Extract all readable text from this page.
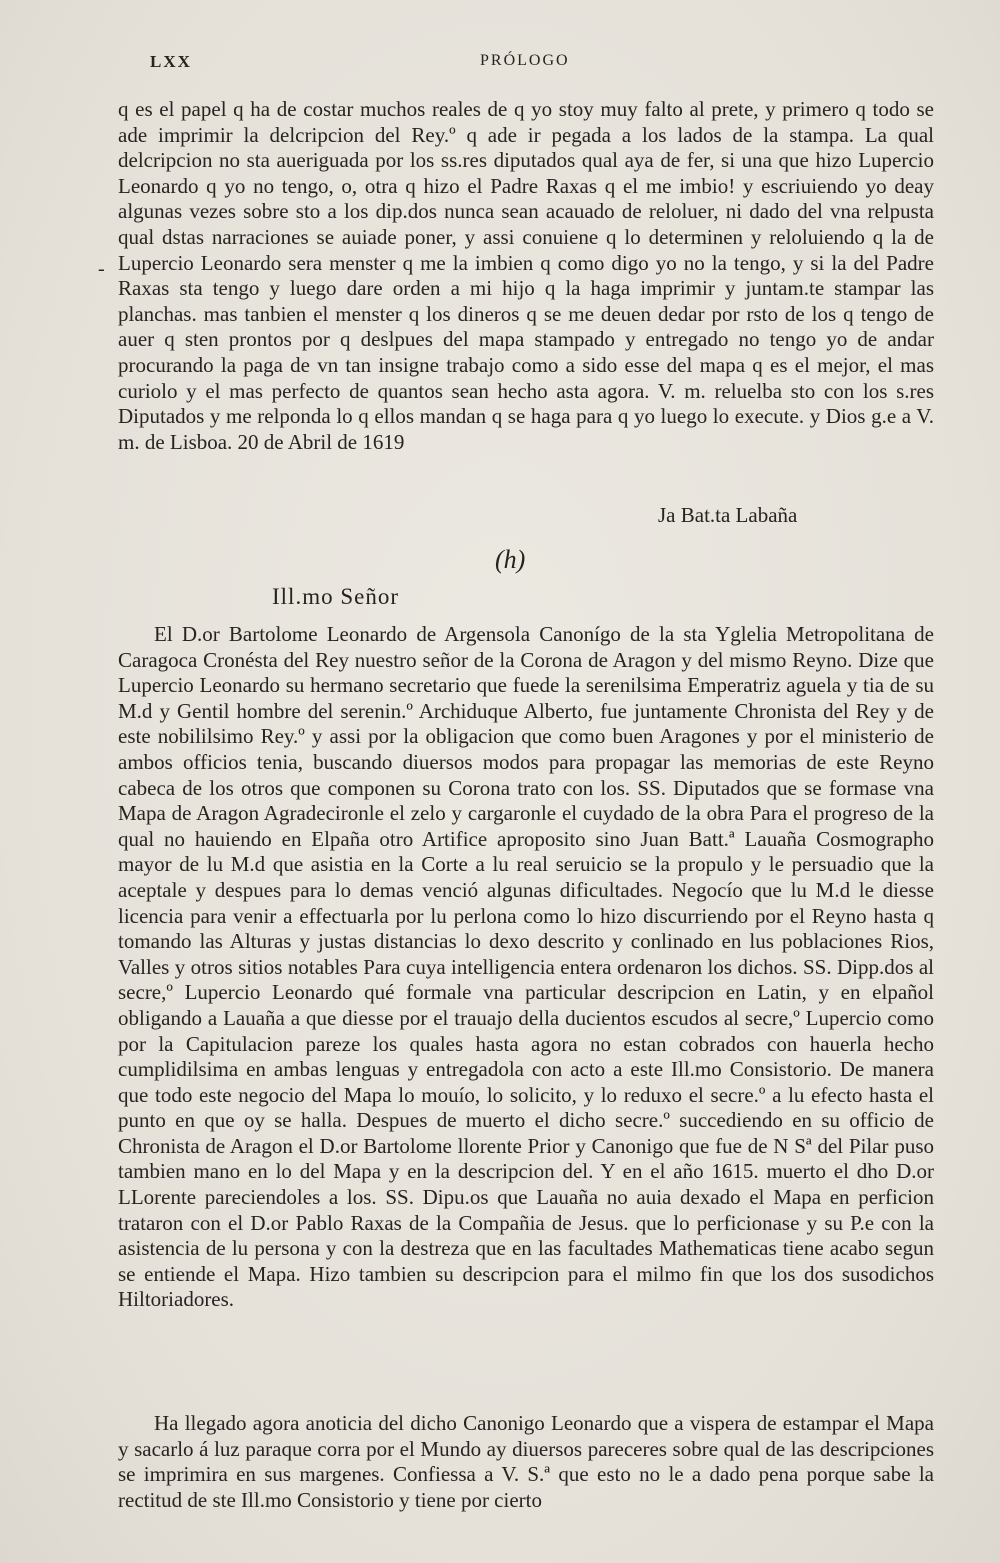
LXX	PRÓLOGO
-

q es el papel q ha de costar muchos reales de q yo stoy muy falto al prete, y primero q todo se ade imprimir la delcripcion del Rey.º q ade ir pegada a los lados de la stampa. La qual delcripcion no sta aueriguada por los ss.res diputados qual aya de fer, si una que hizo Lupercio Leonardo q yo no tengo, o, otra q hizo el Padre Raxas q el me imbio! y escriuiendo yo deay algunas vezes sobre sto a los dip.dos nunca sean acauado de reloluer, ni dado del vna relpusta qual dstas narraciones se auiade poner, y assi conuiene q lo determinen y reloluiendo q la de Lupercio Leonardo sera menster q me la imbien q como digo yo no la tengo, y si la del Padre Raxas sta tengo y luego dare orden a mi hijo q la haga imprimir y juntam.te stampar las planchas. mas tanbien el menster q los dineros q se me deuen dedar por rsto de los q tengo de auer q sten prontos por q deslpues del mapa stampado y entregado no tengo yo de andar procurando la paga de vn tan insigne trabajo como a sido esse del mapa q es el mejor, el mas curiolo y el mas perfecto de quantos sean hecho asta agora. V. m. reluelba sto con los s.res Diputados y me relponda lo q ellos mandan q se haga para q yo luego lo execute. y Dios g.e a V. m. de Lisboa. 20 de Abril de 1619

Ja Bat.ta Labaña
(h)
Ill.mo Señor

El D.or Bartolome Leonardo de Argensola Canonígo de la sta Yglelia Metropolitana de Caragoca Cronésta del Rey nuestro señor de la Corona de Aragon y del mismo Reyno. Dize que Lupercio Leonardo su hermano secretario que fuede la serenilsima Emperatriz aguela y tia de su M.d y Gentil hombre del serenin.º Archiduque Alberto, fue juntamente Chronista del Rey y de este nobililsimo Rey.º y assi por la obligacion que como buen Aragones y por el ministerio de ambos officios tenia, buscando diuersos modos para propagar las memorias de este Reyno cabeca de los otros que componen su Corona trato con los. SS. Diputados que se formase vna Mapa de Aragon Agradecironle el zelo y cargaronle el cuydado de la obra Para el progreso de la qual no hauiendo en Elpaña otro Artifice aproposito sino Juan Batt.ª Lauaña Cosmographo mayor de lu M.d que asistia en la Corte a lu real seruicio se la propulo y le persuadio que la aceptale y despues para lo demas venció algunas dificultades. Negocío que lu M.d le diesse licencia para venir a effectuarla por lu perlona como lo hizo discurriendo por el Reyno hasta q tomando las Alturas y justas distancias lo dexo descrito y conlinado en lus poblaciones Rios, Valles y otros sitios notables Para cuya intelligencia entera ordenaron los dichos. SS. Dipp.dos al secre,º Lupercio Leonardo qué formale vna particular descripcion en Latin, y en elpañol obligando a Lauaña a que diesse por el trauajo della ducientos escudos al secre,º Lupercio como por la Capitulacion pareze los quales hasta agora no estan cobrados con hauerla hecho cumplidilsima en ambas lenguas y entregadola con acto a este Ill.mo Consistorio. De manera que todo este negocio del Mapa lo mouío, lo solicito, y lo reduxo el secre.º a lu efecto hasta el punto en que oy se halla. Despues de muerto el dicho secre.º succediendo en su officio de Chronista de Aragon el D.or Bartolome llorente Prior y Canonigo que fue de N Sª del Pilar puso tambien mano en lo del Mapa y en la descripcion del. Y en el año 1615. muerto el dho D.or LLorente pareciendoles a los. SS. Dipu.os que Lauaña no auia dexado el Mapa en perficion trataron con el D.or Pablo Raxas de la Compañia de Jesus. que lo perficionase y su P.e con la asistencia de lu persona y con la destreza que en las facultades Mathematicas tiene acabo segun se entiende el Mapa. Hizo tambien su descripcion para el milmo fin que los dos susodichos Hiltoriadores.

Ha llegado agora anoticia del dicho Canonigo Leonardo que a vispera de estampar el Mapa y sacarlo á luz paraque corra por el Mundo ay diuersos pareceres sobre qual de las descripciones se imprimira en sus margenes. Confiessa a V. S.ª que esto no le a dado pena porque sabe la rectitud de ste Ill.mo Consistorio y tiene por cierto
